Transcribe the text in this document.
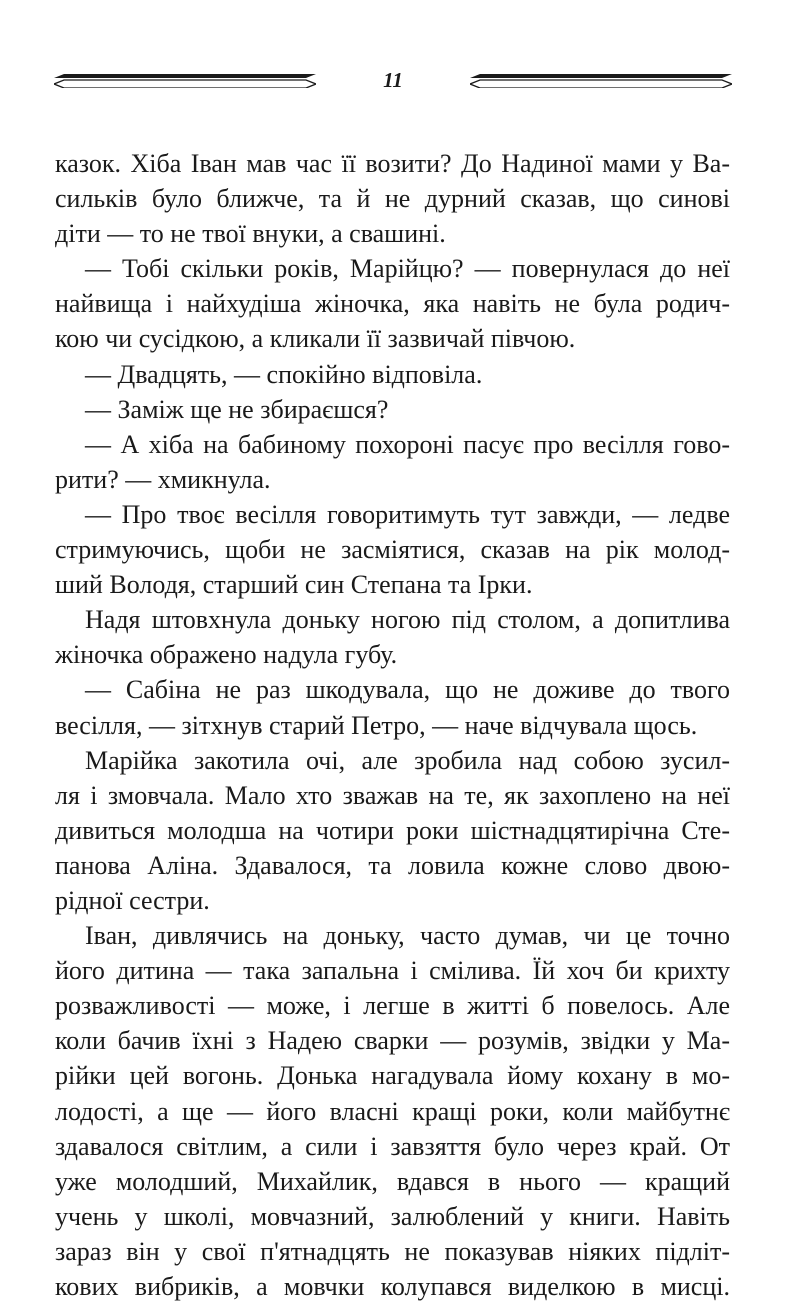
11
казок. Хіба Іван мав час її возити? До Надиної мами у Ва-
сильків було ближче, та й не дурний сказав, що синові
діти — то не твої внуки, а свашині.
— Тобі скільки років, Марійцю? — повернулася до неї
найвища і найхудіша жіночка, яка навіть не була родич-
кою чи сусідкою, а кликали її зазвичай півчою.
— Двадцять, — спокійно відповіла.
— Заміж ще не збираєшся?
— А хіба на бабиному похороні пасує про весілля гово-
рити? — хмикнула.
— Про твоє весілля говоритимуть тут завжди, — ледве
стримуючись, щоби не засміятися, сказав на рік молод-
ший Володя, старший син Степана та Ірки.
Надя штовхнула доньку ногою під столом, а допитлива
жіночка ображено надула губу.
— Сабіна не раз шкодувала, що не доживе до твого
весілля, — зітхнув старий Петро, — наче відчувала щось.
Марійка закотила очі, але зробила над собою зусил-
ля і змовчала. Мало хто зважав на те, як захоплено на неї
дивиться молодша на чотири роки шістнадцятирічна Сте-
панова Аліна. Здавалося, та ловила кожне слово двою-
рідної сестри.
Іван, дивлячись на доньку, часто думав, чи це точно
його дитина — така запальна і смілива. Їй хоч би крихту
розважливості — може, і легше в житті б повелось. Але
коли бачив їхні з Надею сварки — розумів, звідки у Ма-
рійки цей вогонь. Донька нагадувала йому кохану в мо-
лодості, а ще — його власні кращі роки, коли майбутнє
здавалося світлим, а сили і завзяття було через край. От
уже молодший, Михайлик, вдався в нього — кращий
учень у школі, мовчазний, залюблений у книги. Навіть
зараз він у свої п'ятнадцять не показував ніяких підліт-
кових вибриків, а мовчки колупався виделкою в мисці.
